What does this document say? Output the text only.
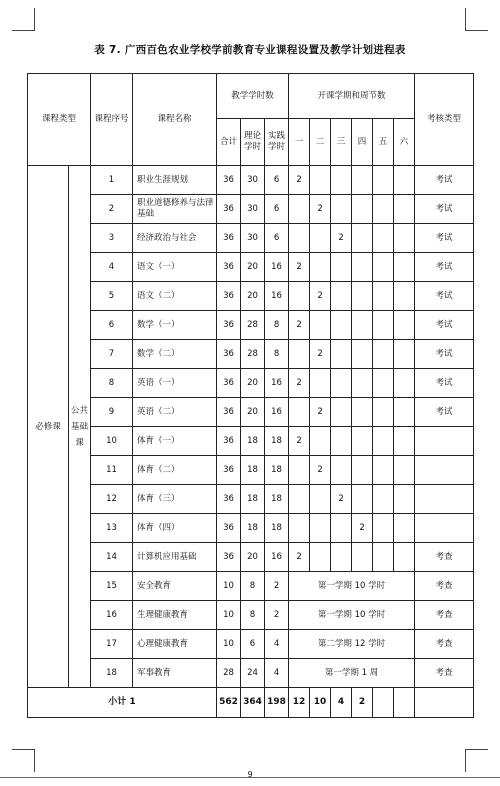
表 7. 广西百色农业学校学前教育专业课程设置及教学计划进程表
课程类型		课程序号	课程名称	教学学时数			开课学期和周节数						考核类型
				合计	理论学时	实践学时	一	二	三	四	五	六	
必修课	公共基础课	1	职业生涯规划	36	30	6	2						考试
		2	职业道德修养与法律基础	36	30	6		2					考试
		3	经济政治与社会	36	30	6			2				考试
		4	语文（一）	36	20	16	2						考试
		5	语文（二）	36	20	16		2					考试
		6	数学（一）	36	28	8	2						考试
		7	数学（二）	36	28	8		2					考试
		8	英语（一）	36	20	16	2						考试
		9	英语（二）	36	20	16		2					考试
		10	体育（一）	36	18	18	2						
		11	体育（二）	36	18	18		2					
		12	体育（三）	36	18	18			2				
		13	体育（四）	36	18	18				2			
		14	计算机应用基础	36	20	16	2						考查
		15	安全教育	10	8	2	第一学期 10 学时						考查
		16	生理健康教育	10	8	2	第一学期 10 学时						考查
		17	心理健康教育	10	6	4	第二学期 12 学时						考查
		18	军事教育	28	24	4	第一学期 1 周						考查
小计 1				562	364	198	12	10	4	2			
9
